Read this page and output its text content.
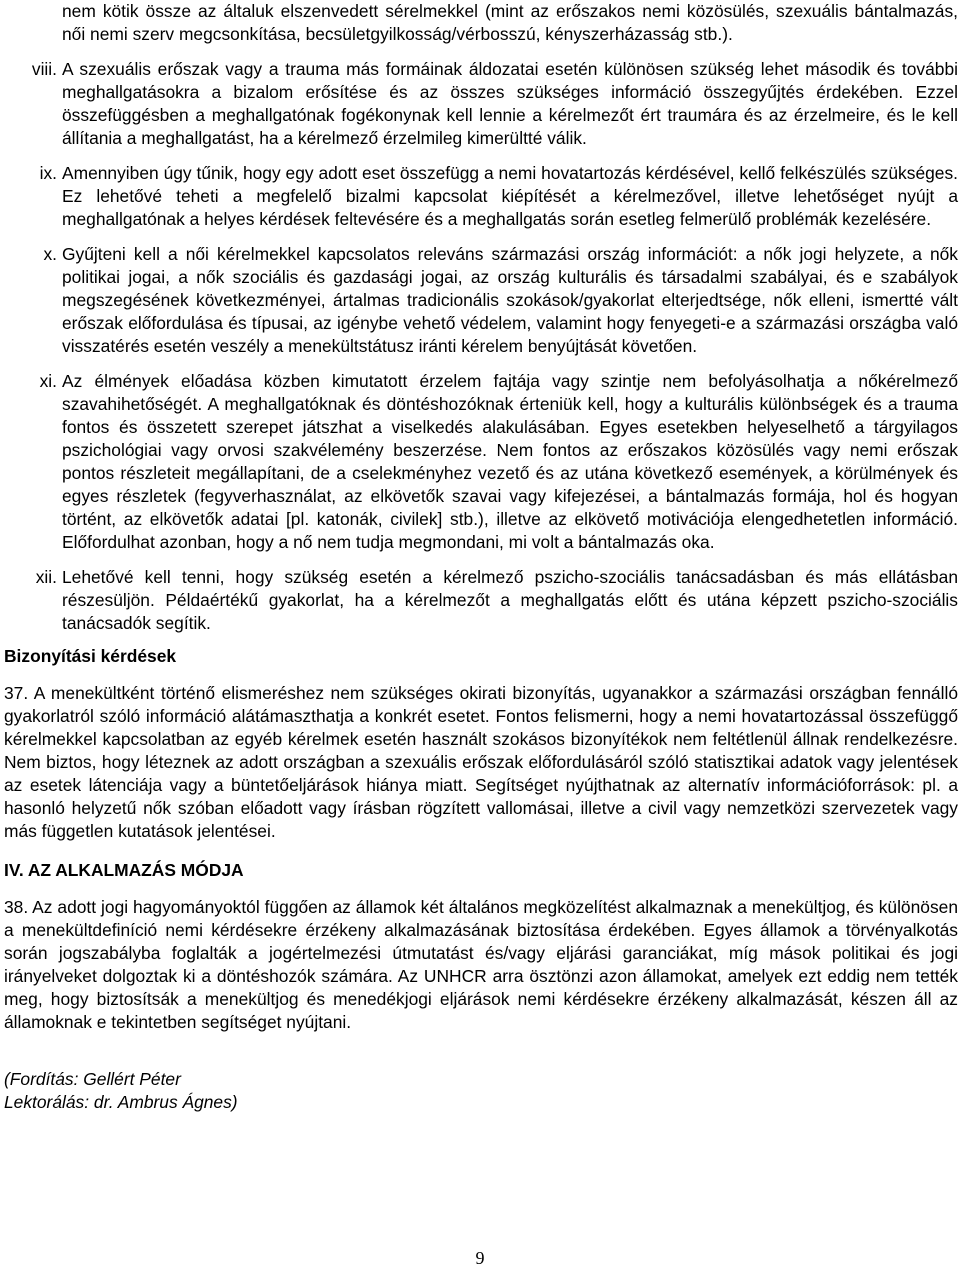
nem kötik össze az általuk elszenvedett sérelmekkel (mint az erőszakos nemi közösülés, szexuális bántalmazás, női nemi szerv megcsonkítása, becsületgyilkosság/vérbosszú, kényszerházasság stb.).
viii. A szexuális erőszak vagy a trauma más formáinak áldozatai esetén különösen szükség lehet második és további meghallgatásokra a bizalom erősítése és az összes szükséges információ összegyűjtés érdekében. Ezzel összefüggésben a meghallgatónak fogékonynak kell lennie a kérelmezőt ért traumára és az érzelmeire, és le kell állítania a meghallgatást, ha a kérelmező érzelmileg kimerültté válik.
ix. Amennyiben úgy tűnik, hogy egy adott eset összefügg a nemi hovatartozás kérdésével, kellő felkészülés szükséges. Ez lehetővé teheti a megfelelő bizalmi kapcsolat kiépítését a kérelmezővel, illetve lehetőséget nyújt a meghallgatónak a helyes kérdések feltevésére és a meghallgatás során esetleg felmerülő problémák kezelésére.
x. Gyűjteni kell a női kérelmekkel kapcsolatos releváns származási ország információt: a nők jogi helyzete, a nők politikai jogai, a nők szociális és gazdasági jogai, az ország kulturális és társadalmi szabályai, és e szabályok megszegésének következményei, ártalmas tradicionális szokások/gyakorlat elterjedtsége, nők elleni, ismertté vált erőszak előfordulása és típusai, az igénybe vehető védelem, valamint hogy fenyegeti-e a származási országba való visszatérés esetén veszély a menekültstátusz iránti kérelem benyújtását követően.
xi. Az élmények előadása közben kimutatott érzelem fajtája vagy szintje nem befolyásolhatja a nőkérelmező szavahihetőségét. A meghallgatóknak és döntéshozóknak érteniük kell, hogy a kulturális különbségek és a trauma fontos és összetett szerepet játszhat a viselkedés alakulásában. Egyes esetekben helyeselhető a tárgyilagos pszichológiai vagy orvosi szakvélemény beszerzése. Nem fontos az erőszakos közösülés vagy nemi erőszak pontos részleteit megállapítani, de a cselekményhez vezető és az utána következő események, a körülmények és egyes részletek (fegyverhasználat, az elkövetők szavai vagy kifejezései, a bántalmazás formája, hol és hogyan történt, az elkövetők adatai [pl. katonák, civilek] stb.), illetve az elkövető motivációja elengedhetetlen információ. Előfordulhat azonban, hogy a nő nem tudja megmondani, mi volt a bántalmazás oka.
xii. Lehetővé kell tenni, hogy szükség esetén a kérelmező pszicho-szociális tanácsadásban és más ellátásban részesüljön. Példaértékű gyakorlat, ha a kérelmezőt a meghallgatás előtt és utána képzett pszicho-szociális tanácsadók segítik.

Bizonyítási kérdések

37. A menekültként történő elismeréshez nem szükséges okirati bizonyítás, ugyanakkor a származási országban fennálló gyakorlatról szóló információ alátámaszthatja a konkrét esetet. Fontos felismerni, hogy a nemi hovatartozással összefüggő kérelmekkel kapcsolatban az egyéb kérelmek esetén használt szokásos bizonyítékok nem feltétlenül állnak rendelkezésre. Nem biztos, hogy léteznek az adott országban a szexuális erőszak előfordulásáról szóló statisztikai adatok vagy jelentések az esetek látenciája vagy a büntetőeljárások hiánya miatt. Segítséget nyújthatnak az alternatív információforrások: pl. a hasonló helyzetű nők szóban előadott vagy írásban rögzített vallomásai, illetve a civil vagy nemzetközi szervezetek vagy más független kutatások jelentései.

IV. AZ ALKALMAZÁS MÓDJA

38. Az adott jogi hagyományoktól függően az államok két általános megközelítést alkalmaznak a menekültjog, és különösen a menekültdefiníció nemi kérdésekre érzékeny alkalmazásának biztosítása érdekében. Egyes államok a törvényalkotás során jogszabályba foglalták a jogértelmezési útmutatást és/vagy eljárási garanciákat, míg mások politikai és jogi irányelveket dolgoztak ki a döntéshozók számára. Az UNHCR arra ösztönzi azon államokat, amelyek ezt eddig nem tették meg, hogy biztosítsák a menekültjog és menedékjogi eljárások nemi kérdésekre érzékeny alkalmazását, készen áll az államoknak e tekintetben segítséget nyújtani.

(Fordítás: Gellért Péter

Lektorálás: dr. Ambrus Ágnes)

9
